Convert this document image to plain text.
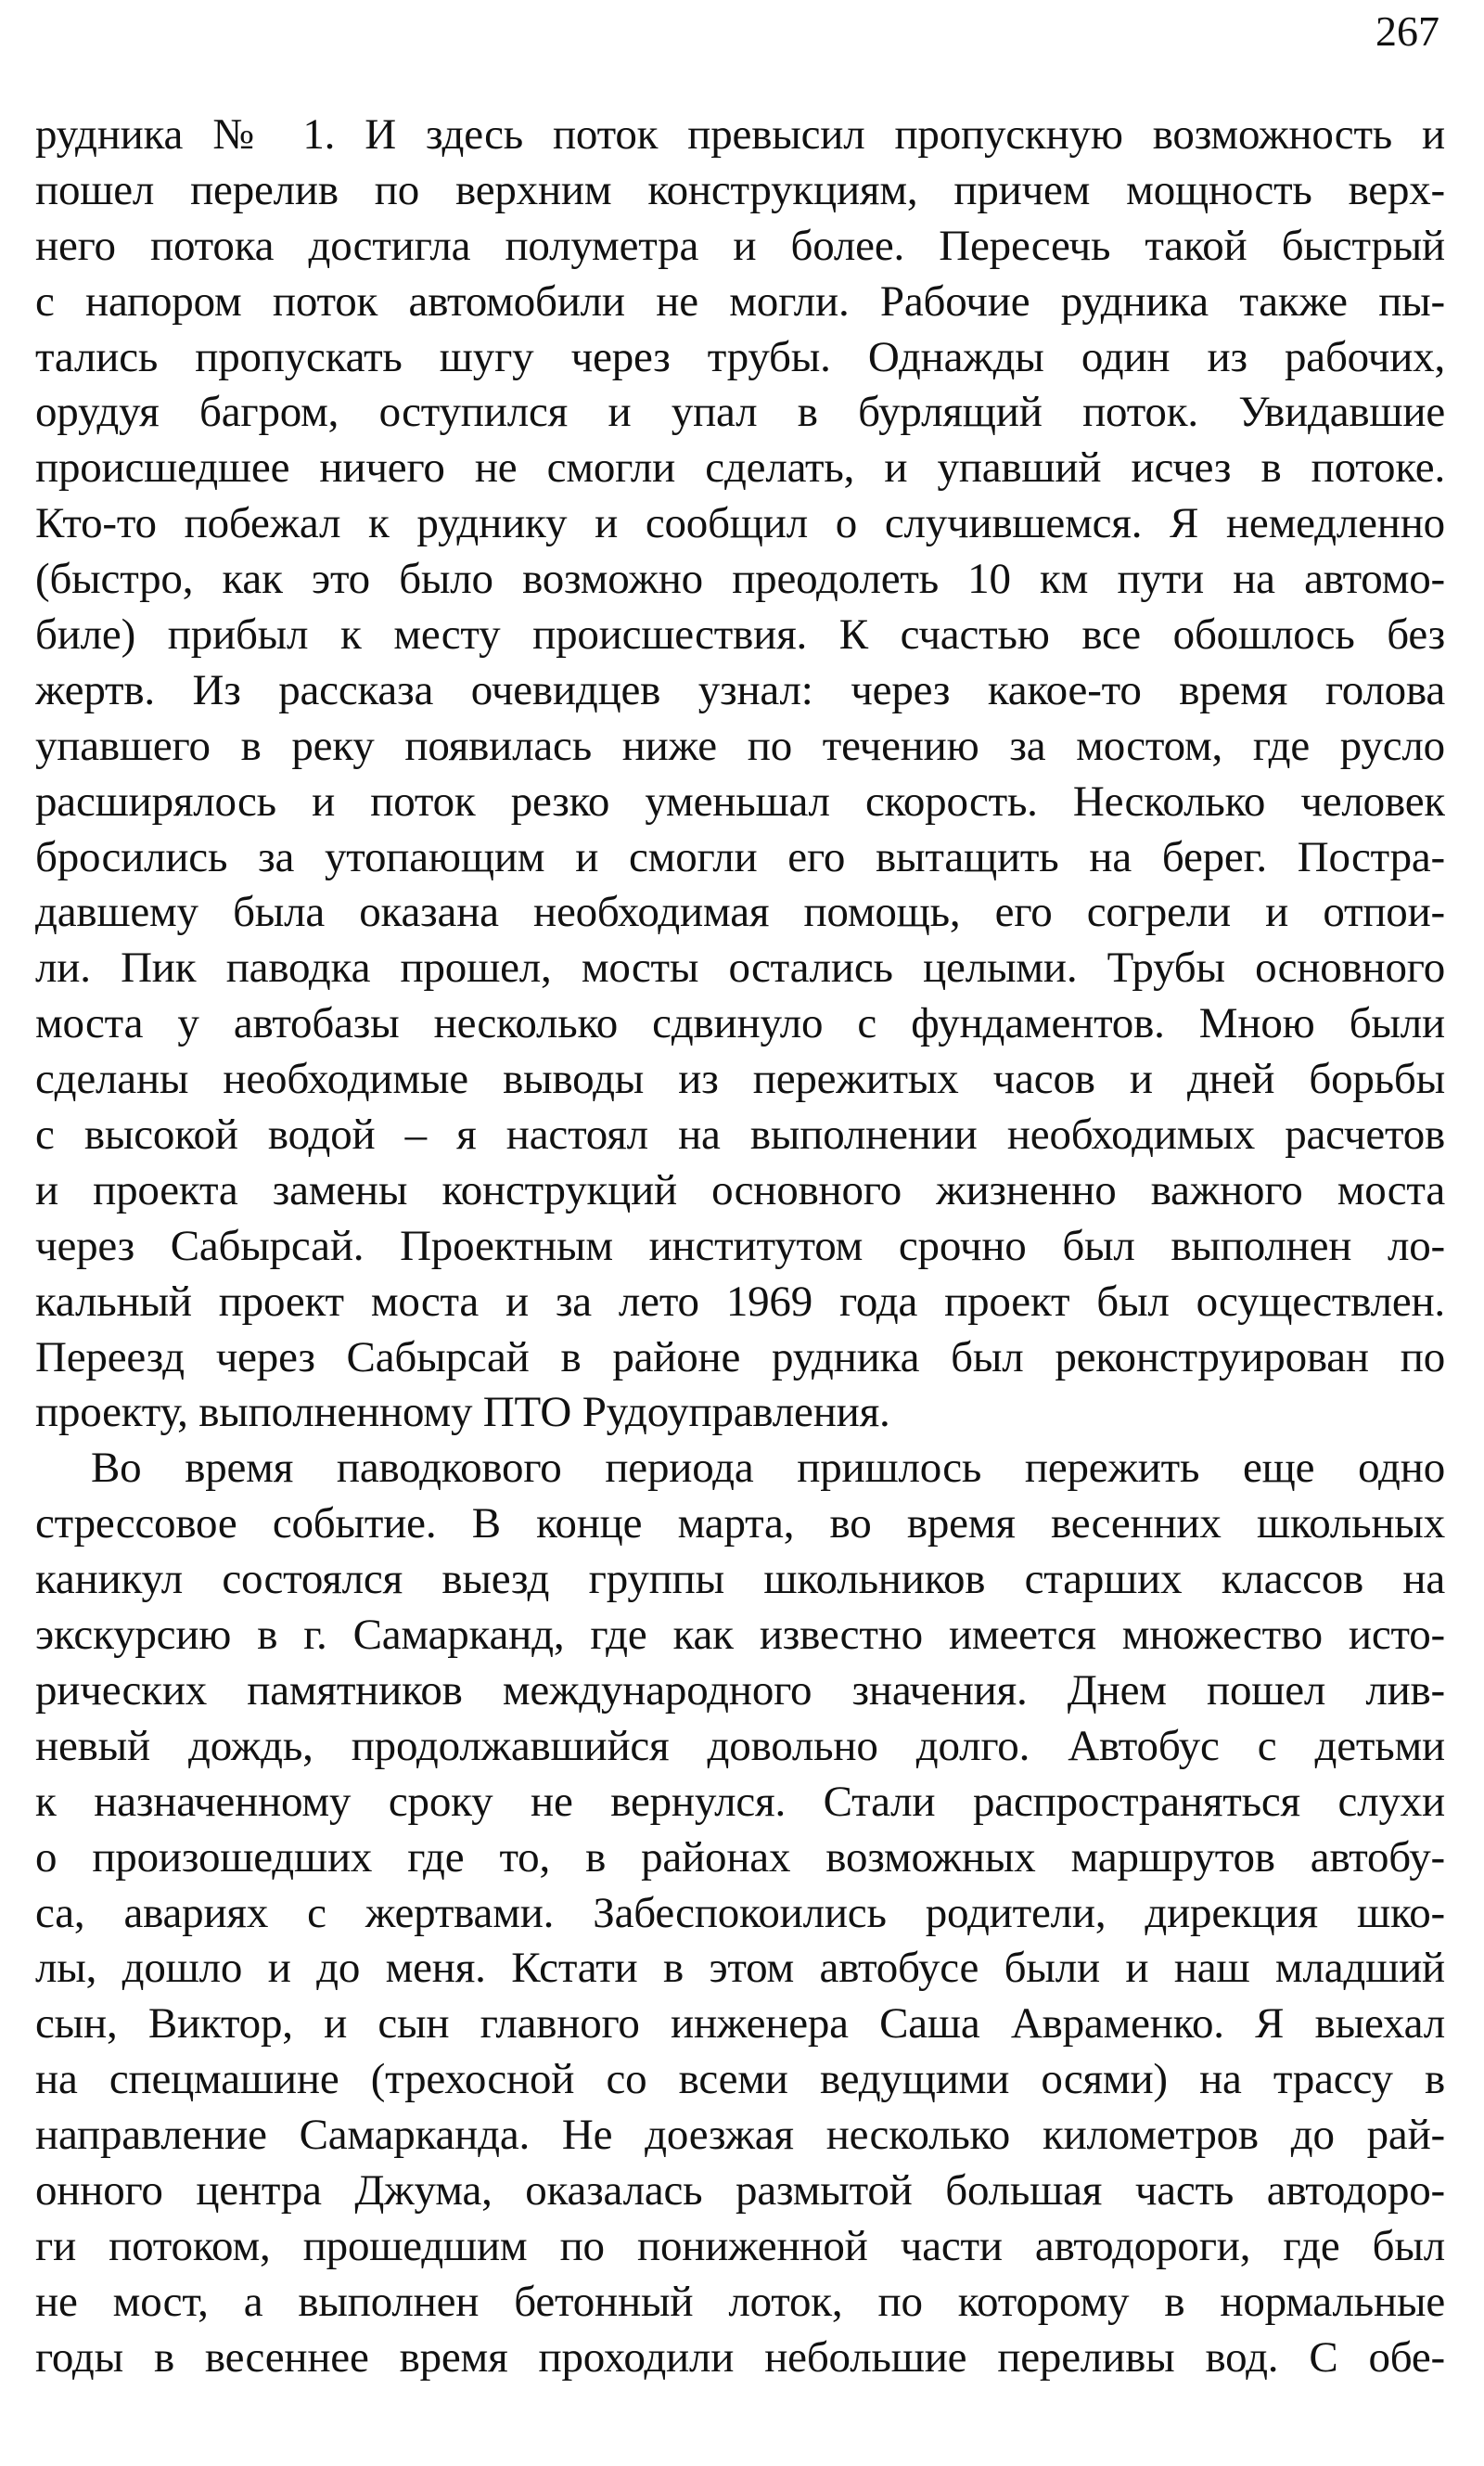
267
рудника № 1. И здесь поток превысил пропускную возможность и
пошел перелив по верхним конструкциям, причем мощность верх-
него потока достигла полуметра и более. Пересечь такой быстрый
с напором поток автомобили не могли. Рабочие рудника также пы-
тались пропускать шугу через трубы. Однажды один из рабочих,
орудуя багром, оступился и упал в бурлящий поток. Увидавшие
происшедшее ничего не смогли сделать, и упавший исчез в потоке.
Кто-то побежал к руднику и сообщил о случившемся. Я немедленно
(быстро, как это было возможно преодолеть 10 км пути на автомо-
биле) прибыл к месту происшествия. К счастью все обошлось без
жертв. Из рассказа очевидцев узнал: через какое-то время голова
упавшего в реку появилась ниже по течению за мостом, где русло
расширялось и поток резко уменьшал скорость. Несколько человек
бросились за утопающим и смогли его вытащить на берег. Постра-
давшему была оказана необходимая помощь, его согрели и отпои-
ли. Пик паводка прошел, мосты остались целыми. Трубы основного
моста у автобазы несколько сдвинуло с фундаментов. Мною были
сделаны необходимые выводы из пережитых часов и дней борьбы
с высокой водой – я настоял на выполнении необходимых расчетов
и проекта замены конструкций основного жизненно важного моста
через Сабырсай. Проектным институтом срочно был выполнен ло-
кальный проект моста и за лето 1969 года проект был осуществлен.
Переезд через Сабырсай в районе рудника был реконструирован по
проекту, выполненному ПТО Рудоуправления.
Во время паводкового периода пришлось пережить еще одно
стрессовое событие. В конце марта, во время весенних школьных
каникул состоялся выезд группы школьников старших классов на
экскурсию в г. Самарканд, где как известно имеется множество исто-
рических памятников международного значения. Днем пошел лив-
невый дождь, продолжавшийся довольно долго. Автобус с детьми
к назначенному сроку не вернулся. Стали распространяться слухи
о произошедших где то, в районах возможных маршрутов автобу-
са, авариях с жертвами. Забеспокоились родители, дирекция шко-
лы, дошло и до меня. Кстати в этом автобусе были и наш младший
сын, Виктор, и сын главного инженера Саша Авраменко. Я выехал
на спецмашине (трехосной со всеми ведущими осями) на трассу в
направление Самарканда. Не доезжая несколько километров до рай-
онного центра Джума, оказалась размытой большая часть автодоро-
ги потоком, прошедшим по пониженной части автодороги, где был
не мост, а выполнен бетонный лоток, по которому в нормальные
годы в весеннее время проходили небольшие переливы вод. С обе-
